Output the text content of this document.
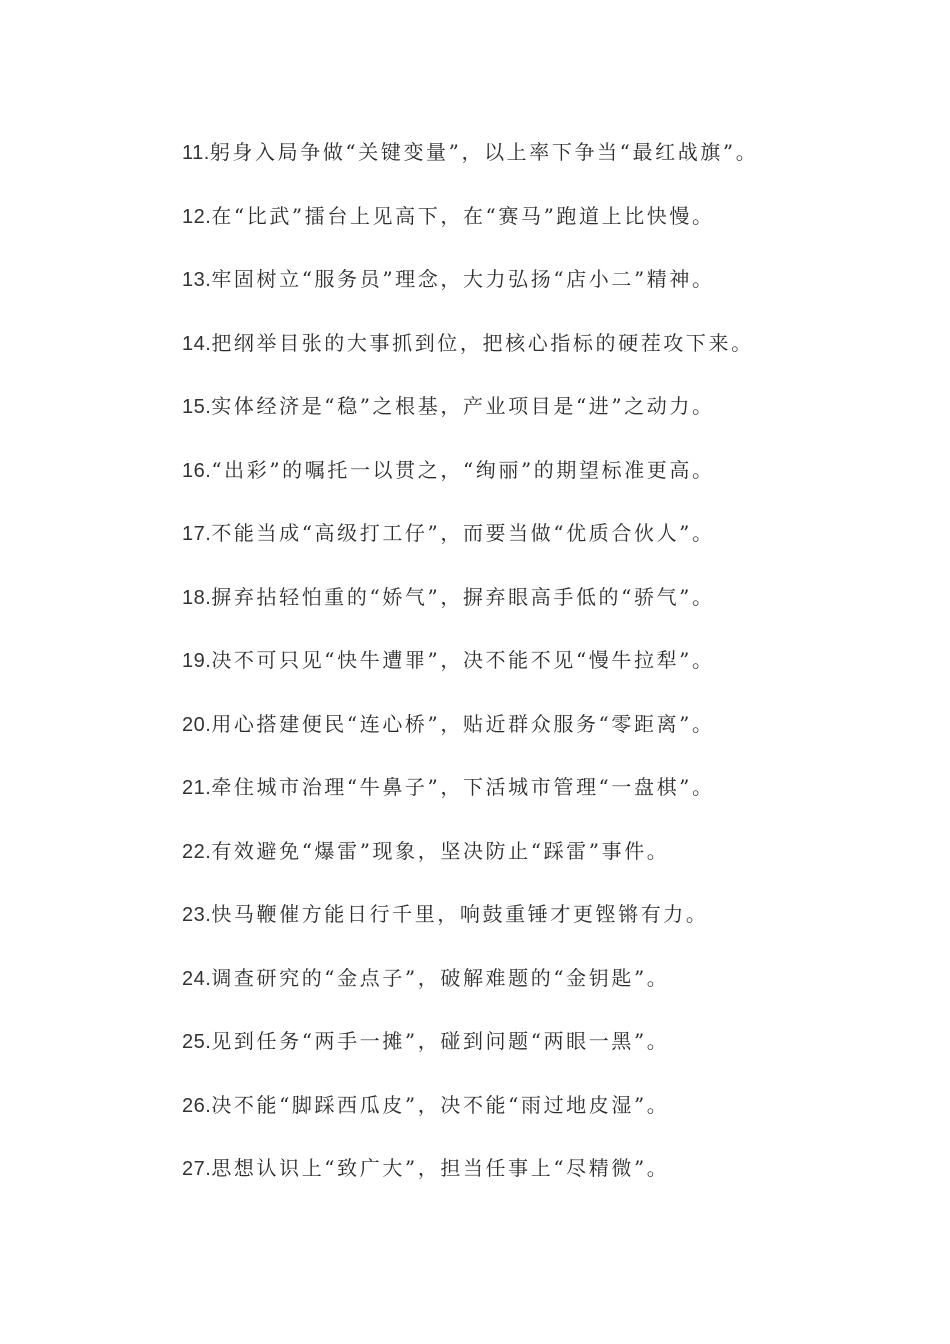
11.躬身入局争做“关键变量”，以上率下争当“最红战旗”。
12.在“比武”擂台上见高下，在“赛马”跑道上比快慢。
13.牢固树立“服务员”理念，大力弘扬“店小二”精神。
14.把纲举目张的大事抓到位，把核心指标的硬茬攻下来。
15.实体经济是“稳”之根基，产业项目是“进”之动力。
16.“出彩”的嘱托一以贯之，“绚丽”的期望标准更高。
17.不能当成“高级打工仔”，而要当做“优质合伙人”。
18.摒弃拈轻怕重的“娇气”，摒弃眼高手低的“骄气”。
19.决不可只见“快牛遭罪”，决不能不见“慢牛拉犁”。
20.用心搭建便民“连心桥”，贴近群众服务“零距离”。
21.牵住城市治理“牛鼻子”，下活城市管理“一盘棋”。
22.有效避免“爆雷”现象，坚决防止“踩雷”事件。
23.快马鞭催方能日行千里，响鼓重锤才更铿锵有力。
24.调查研究的“金点子”，破解难题的“金钥匙”。
25.见到任务“两手一摊”，碰到问题“两眼一黑”。
26.决不能“脚踩西瓜皮”，决不能“雨过地皮湿”。
27.思想认识上“致广大”，担当任事上“尽精微”。
